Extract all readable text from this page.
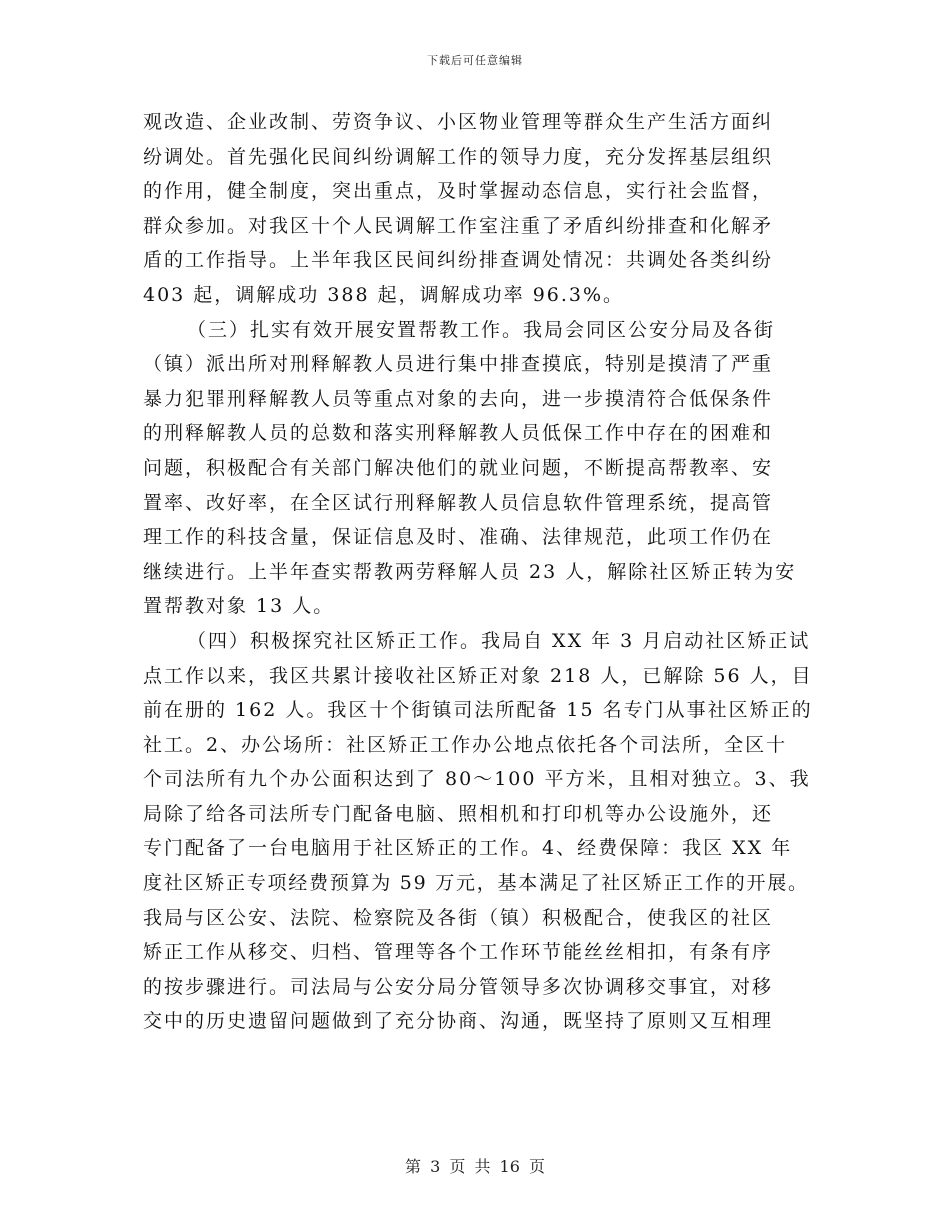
下载后可任意编辑
观改造、企业改制、劳资争议、小区物业管理等群众生产生活方面纠
纷调处。首先强化民间纠纷调解工作的领导力度，充分发挥基层组织
的作用，健全制度，突出重点，及时掌握动态信息，实行社会监督，
群众参加。对我区十个人民调解工作室注重了矛盾纠纷排查和化解矛
盾的工作指导。上半年我区民间纠纷排查调处情况：共调处各类纠纷
403 起，调解成功 388 起，调解成功率 96.3%。
（三）扎实有效开展安置帮教工作。我局会同区公安分局及各街
（镇）派出所对刑释解教人员进行集中排查摸底，特别是摸清了严重
暴力犯罪刑释解教人员等重点对象的去向，进一步摸清符合低保条件
的刑释解教人员的总数和落实刑释解教人员低保工作中存在的困难和
问题，积极配合有关部门解决他们的就业问题，不断提高帮教率、安
置率、改好率，在全区试行刑释解教人员信息软件管理系统，提高管
理工作的科技含量，保证信息及时、准确、法律规范，此项工作仍在
继续进行。上半年查实帮教两劳释解人员 23 人，解除社区矫正转为安
置帮教对象 13 人。
（四）积极探究社区矫正工作。我局自 XX 年 3 月启动社区矫正试
点工作以来，我区共累计接收社区矫正对象 218 人，已解除 56 人，目
前在册的 162 人。我区十个街镇司法所配备 15 名专门从事社区矫正的
社工。2、办公场所：社区矫正工作办公地点依托各个司法所，全区十
个司法所有九个办公面积达到了 80～100 平方米，且相对独立。3、我
局除了给各司法所专门配备电脑、照相机和打印机等办公设施外，还
专门配备了一台电脑用于社区矫正的工作。4、经费保障：我区 XX 年
度社区矫正专项经费预算为 59 万元，基本满足了社区矫正工作的开展。
我局与区公安、法院、检察院及各街（镇）积极配合，使我区的社区
矫正工作从移交、归档、管理等各个工作环节能丝丝相扣，有条有序
的按步骤进行。司法局与公安分局分管领导多次协调移交事宜，对移
交中的历史遗留问题做到了充分协商、沟通，既坚持了原则又互相理
第 3 页 共 16 页
